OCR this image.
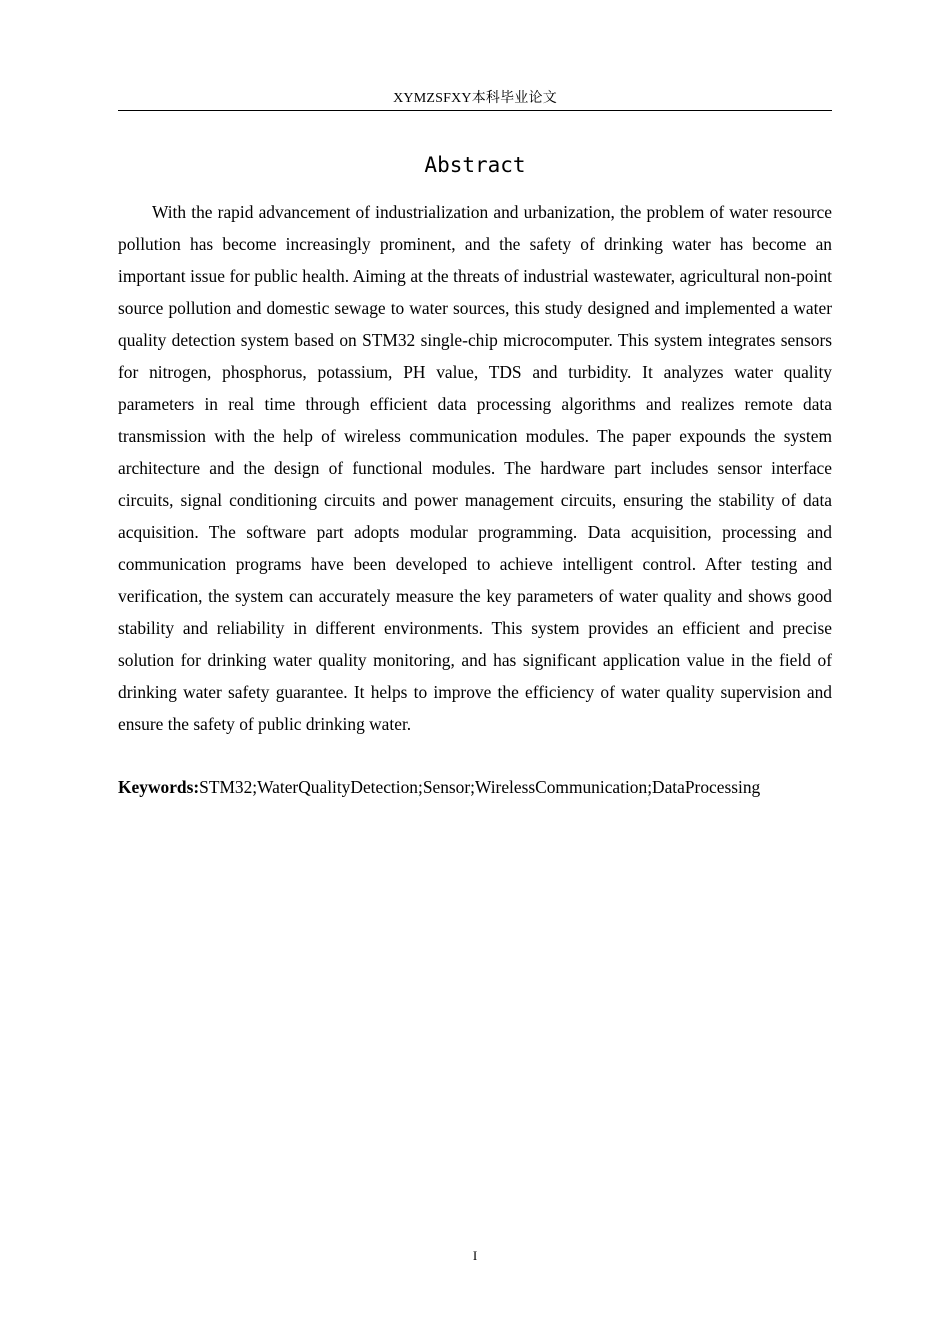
XYMZSFXY本科毕业论文
Abstract

With the rapid advancement of industrialization and urbanization, the problem of water resource pollution has become increasingly prominent, and the safety of drinking water has become an important issue for public health. Aiming at the threats of industrial wastewater, agricultural non-point source pollution and domestic sewage to water sources, this study designed and implemented a water quality detection system based on STM32 single-chip microcomputer. This system integrates sensors for nitrogen, phosphorus, potassium, PH value, TDS and turbidity. It analyzes water quality parameters in real time through efficient data processing algorithms and realizes remote data transmission with the help of wireless communication modules. The paper expounds the system architecture and the design of functional modules. The hardware part includes sensor interface circuits, signal conditioning circuits and power management circuits, ensuring the stability of data acquisition. The software part adopts modular programming. Data acquisition, processing and communication programs have been developed to achieve intelligent control. After testing and verification, the system can accurately measure the key parameters of water quality and shows good stability and reliability in different environments. This system provides an efficient and precise solution for drinking water quality monitoring, and has significant application value in the field of drinking water safety guarantee. It helps to improve the efficiency of water quality supervision and ensure the safety of public drinking water.

Keywords:STM32;WaterQualityDetection;Sensor;WirelessCommunication;DataProcessing

I
